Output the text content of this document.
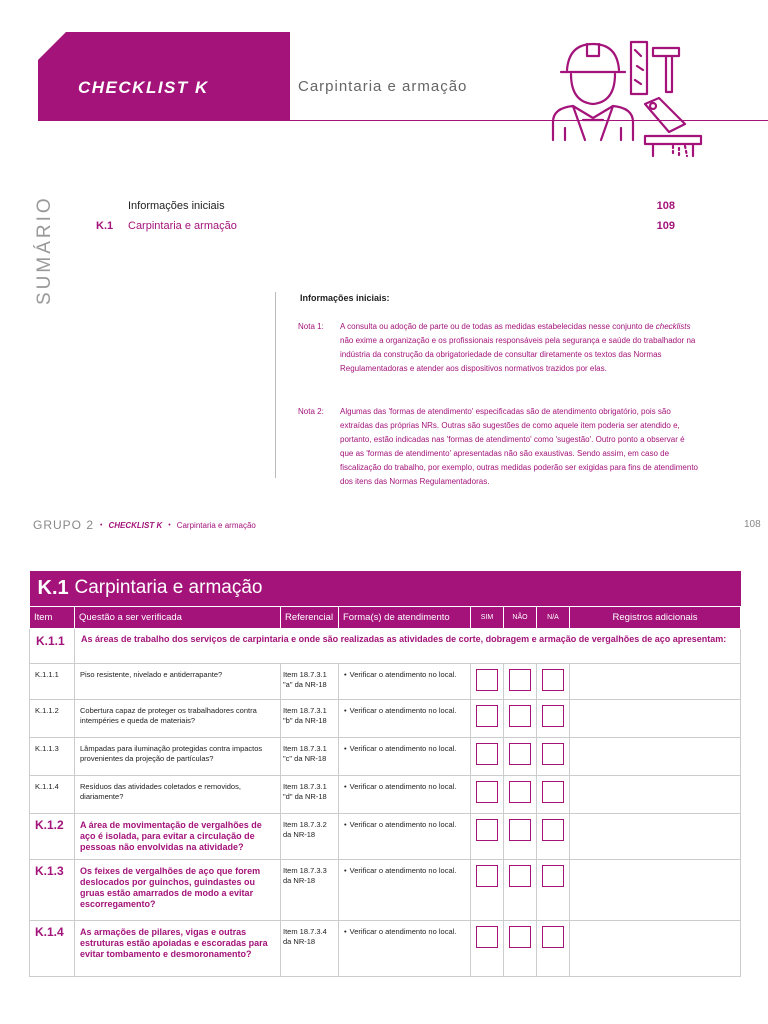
CHECKLIST K	Carpintaria e armação
SUMÁRIO	Informações iniciais	108
K.1 Carpintaria e armação	109
Informações iniciais:
Nota 1: A consulta ou adoção de parte ou de todas as medidas estabelecidas nesse conjunto de checklists não exime a organização e os profissionais responsáveis pela segurança e saúde do trabalhador na indústria da construção da obrigatoriedade de consultar diretamente os textos das Normas Regulamentadoras e atender aos dispositivos normativos trazidos por elas.
Nota 2: Algumas das 'formas de atendimento' especificadas são de atendimento obrigatório, pois são extraídas das próprias NRs. Outras são sugestões de como aquele item poderia ser atendido e, portanto, estão indicadas nas 'formas de atendimento' como 'sugestão'. Outro ponto a observar é que as 'formas de atendimento' apresentadas não são exaustivas. Sendo assim, em caso de fiscalização do trabalho, por exemplo, outras medidas poderão ser exigidas para fins de atendimento dos itens das Normas Regulamentadoras.
GRUPO 2 • CHECKLIST K • Carpintaria e armação	108
K.1	Carpintaria e armação						
Item	Questão a ser verificada	Referencial	Forma(s) de atendimento	SIM	NÃO	N/A	Registros adicionais
K.1.1	As áreas de trabalho dos serviços de carpintaria e onde são realizadas as atividades de corte, dobragem e armação de vergalhões de aço apresentam:						
K.1.1.1	Piso resistente, nivelado e antiderrapante?	Item 18.7.3.1 "a" da NR-18	• Verificar o atendimento no local.				

K.1.1.2	Cobertura capaz de proteger os trabalhadores contra intempéries e queda de materiais?	Item 18.7.3.1 "b" da NR-18	• Verificar o atendimento no local.				

K.1.1.3	Lâmpadas para iluminação protegidas contra impactos provenientes da projeção de partículas?	Item 18.7.3.1 "c" da NR-18	• Verificar o atendimento no local.				

K.1.1.4	Resíduos das atividades coletados e removidos, diariamente?	Item 18.7.3.1 "d" da NR-18	• Verificar o atendimento no local.				

K.1.2	A área de movimentação de vergalhões de aço é isolada, para evitar a circulação de pessoas não envolvidas na atividade?	Item 18.7.3.2 da NR-18	• Verificar o atendimento no local.				

K.1.3	Os feixes de vergalhões de aço que forem deslocados por guinchos, guindastes ou gruas estão amarrados de modo a evitar escorregamento?	Item 18.7.3.3 da NR-18	• Verificar o atendimento no local.				

K.1.4	As armações de pilares, vigas e outras estruturas estão apoiadas e escoradas para evitar tombamento e desmoronamento?	Item 18.7.3.4 da NR-18	• Verificar o atendimento no local.				
